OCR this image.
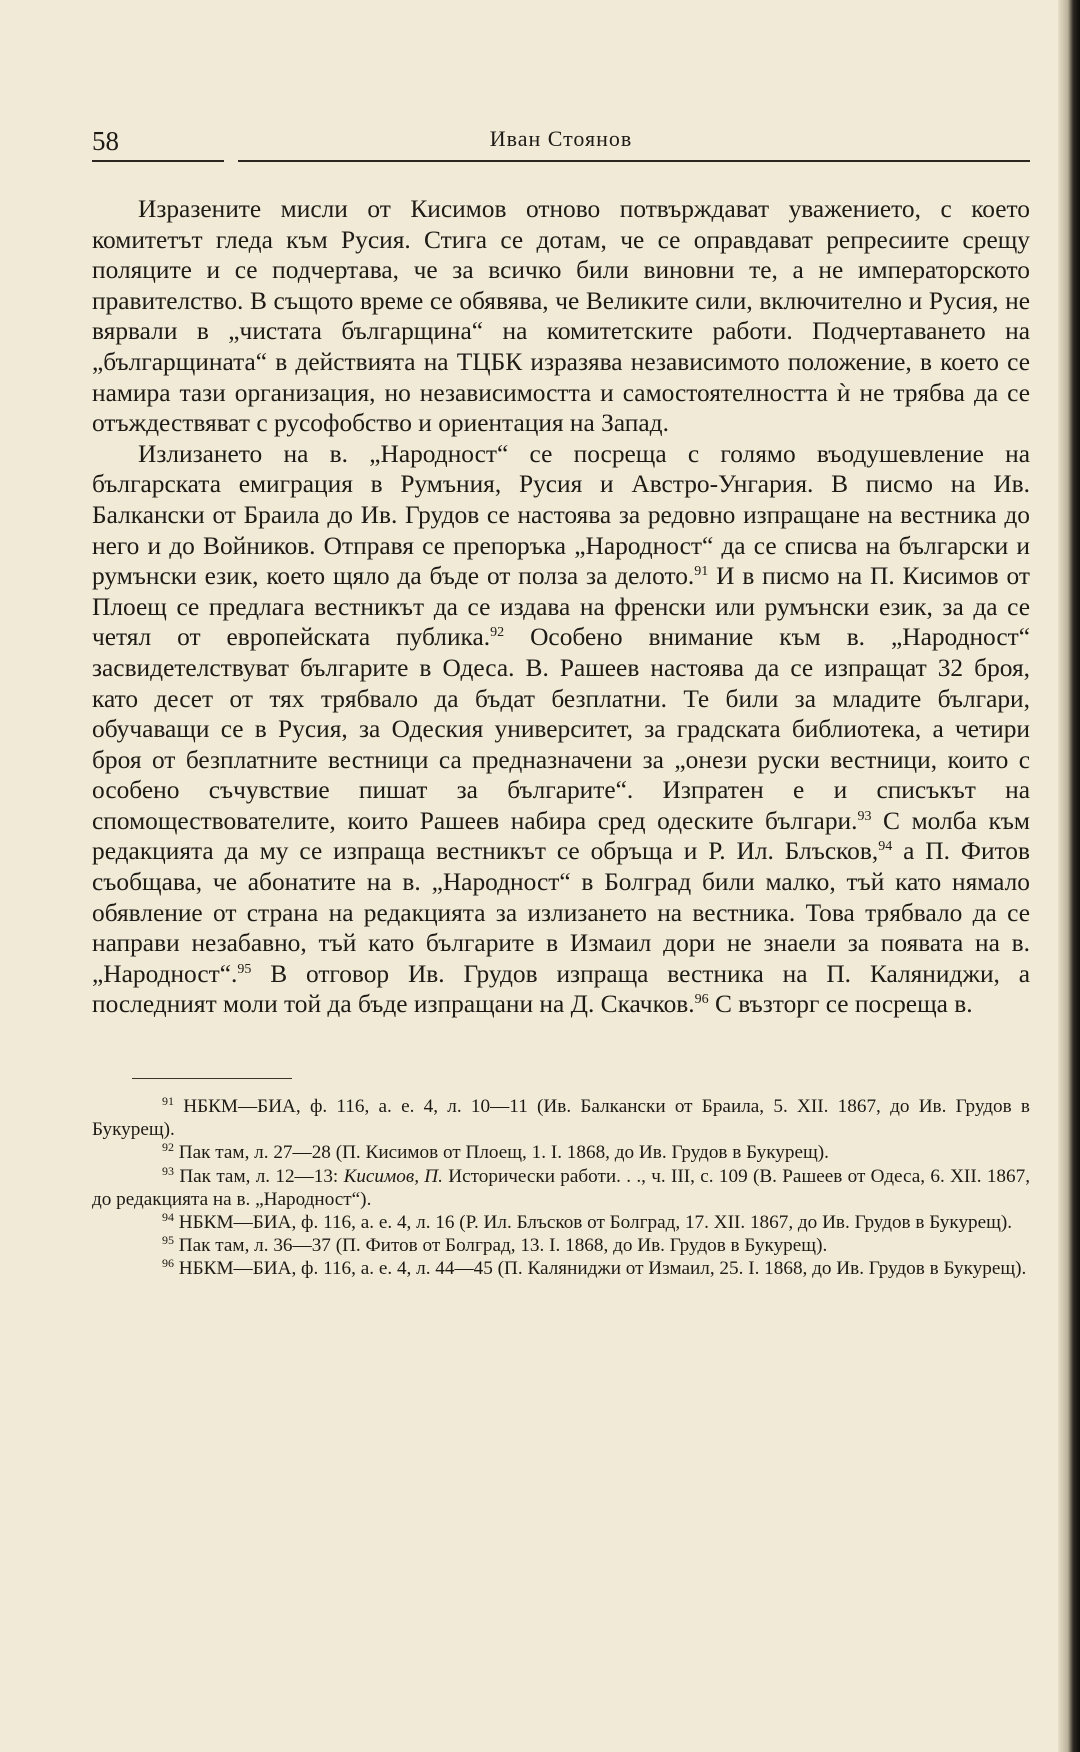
58	Иван Стоянов

Изразените мисли от Кисимов отново потвърждават уважението, с което комитетът гледа към Русия. Стига се дотам, че се оправдават репресиите срещу поляците и се подчертава, че за всичко били виновни те, а не императорското правителство. В същото време се обявява, че Великите сили, включително и Русия, не вярвали в „чистата българщина“ на комитетските работи. Подчертаването на „българщината“ в действията на ТЦБК изразява независимото положение, в което се намира тази организация, но независимостта и самостоятелността ѝ не трябва да се отъждествяват с русофобство и ориентация на Запад.

Излизането на в. „Народност“ се посреща с голямо въодушевление на българската емиграция в Румъния, Русия и Австро-Унгария. В писмо на Ив. Балкански от Браила до Ив. Грудов се настоява за редовно изпращане на вестника до него и до Войников. Отправя се препоръка „Народност“ да се списва на български и румънски език, което щяло да бъде от полза за делото.$^{91}$ И в писмо на П. Кисимов от Плоещ се предлага вестникът да се издава на френски или румънски език, за да се четял от европейската публика.$^{92}$ Особено внимание към в. „Народност“ засвидетелствуват българите в Одеса. В. Рашеев настоява да се изпращат 32 броя, като десет от тях трябвало да бъдат безплатни. Те били за младите българи, обучаващи се в Русия, за Одеския университет, за градската библиотека, а четири броя от безплатните вестници са предназначени за „онези руски вестници, които с особено съчувствие пишат за българите“. Изпратен е и списъкът на спомоществователите, които Рашеев набира сред одеските българи.$^{93}$ С молба към редакцията да му се изпраща вестникът се обръща и Р. Ил. Блъсков,$^{94}$ а П. Фитов съобщава, че абонатите на в. „Народност“ в Болград били малко, тъй като нямало обявление от страна на редакцията за излизането на вестника. Това трябвало да се направи незабавно, тъй като българите в Измаил дори не знаели за появата на в. „Народност“.$^{95}$ В отговор Ив. Грудов изпраща вестника на П. Каляниджи, а последният моли той да бъде изпращани на Д. Скачков.$^{96}$ С възторг се посреща в.

$^{91}$ НБКМ—БИА, ф. 116, а. е. 4, л. 10—11 (Ив. Балкански от Браила, 5. XII. 1867, до Ив. Грудов в Букурещ).

$^{92}$ Пак там, л. 27—28 (П. Кисимов от Плоещ, 1. I. 1868, до Ив. Грудов в Букурещ).

$^{93}$ Пак там, л. 12—13: Кисимов, П. Исторически работи. . ., ч. III, с. 109 (В. Рашеев от Одеса, 6. XII. 1867, до редакцията на в. „Народност“).

$^{94}$ НБКМ—БИА, ф. 116, а. е. 4, л. 16 (Р. Ил. Блъсков от Болград, 17. XII. 1867, до Ив. Грудов в Букурещ).

$^{95}$ Пак там, л. 36—37 (П. Фитов от Болград, 13. I. 1868, до Ив. Грудов в Букурещ).

$^{96}$ НБКМ—БИА, ф. 116, а. е. 4, л. 44—45 (П. Каляниджи от Измаил, 25. I. 1868, до Ив. Грудов в Букурещ).
